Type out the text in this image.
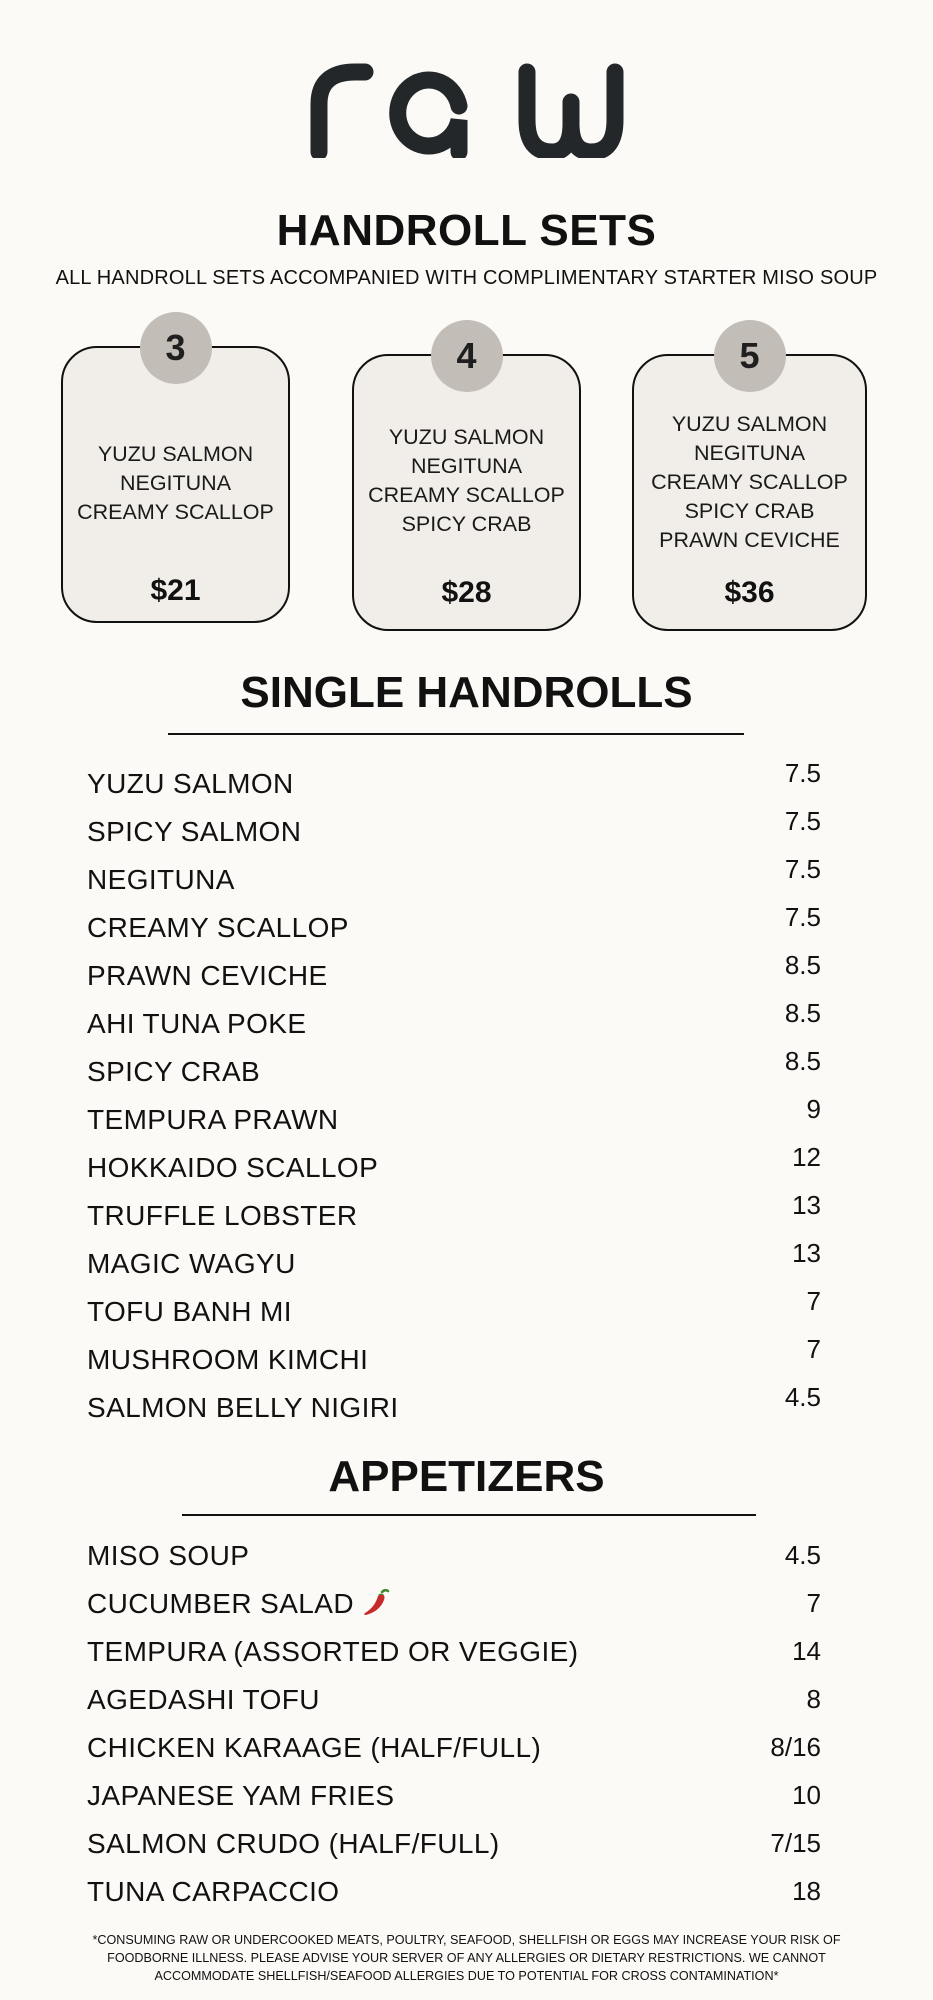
HANDROLL SETS
ALL HANDROLL SETS ACCOMPANIED WITH COMPLIMENTARY STARTER MISO SOUP
3
YUZU SALMON
NEGITUNA
CREAMY SCALLOP
$21
4
YUZU SALMON
NEGITUNA
CREAMY SCALLOP
SPICY CRAB
$28
5
YUZU SALMON
NEGITUNA
CREAMY SCALLOP
SPICY CRAB
PRAWN CEVICHE
$36
SINGLE HANDROLLS
YUZU SALMON	7.5
SPICY SALMON	7.5
NEGITUNA	7.5
CREAMY SCALLOP	7.5
PRAWN CEVICHE	8.5
AHI TUNA POKE	8.5
SPICY CRAB	8.5
TEMPURA PRAWN	9
HOKKAIDO SCALLOP	12
TRUFFLE LOBSTER	13
MAGIC WAGYU	13
TOFU BANH MI	7
MUSHROOM KIMCHI	7
SALMON BELLY NIGIRI	4.5
APPETIZERS
MISO SOUP	4.5
CUCUMBER SALAD	7
TEMPURA (ASSORTED OR VEGGIE)	14
AGEDASHI TOFU	8
CHICKEN KARAAGE (HALF/FULL)	8/16
JAPANESE YAM FRIES	10
SALMON CRUDO (HALF/FULL)	7/15
TUNA CARPACCIO	18
*CONSUMING RAW OR UNDERCOOKED MEATS, POULTRY, SEAFOOD, SHELLFISH OR EGGS MAY INCREASE YOUR RISK OF
FOODBORNE ILLNESS. PLEASE ADVISE YOUR SERVER OF ANY ALLERGIES OR DIETARY RESTRICTIONS. WE CANNOT
ACCOMMODATE SHELLFISH/SEAFOOD ALLERGIES DUE TO POTENTIAL FOR CROSS CONTAMINATION*
